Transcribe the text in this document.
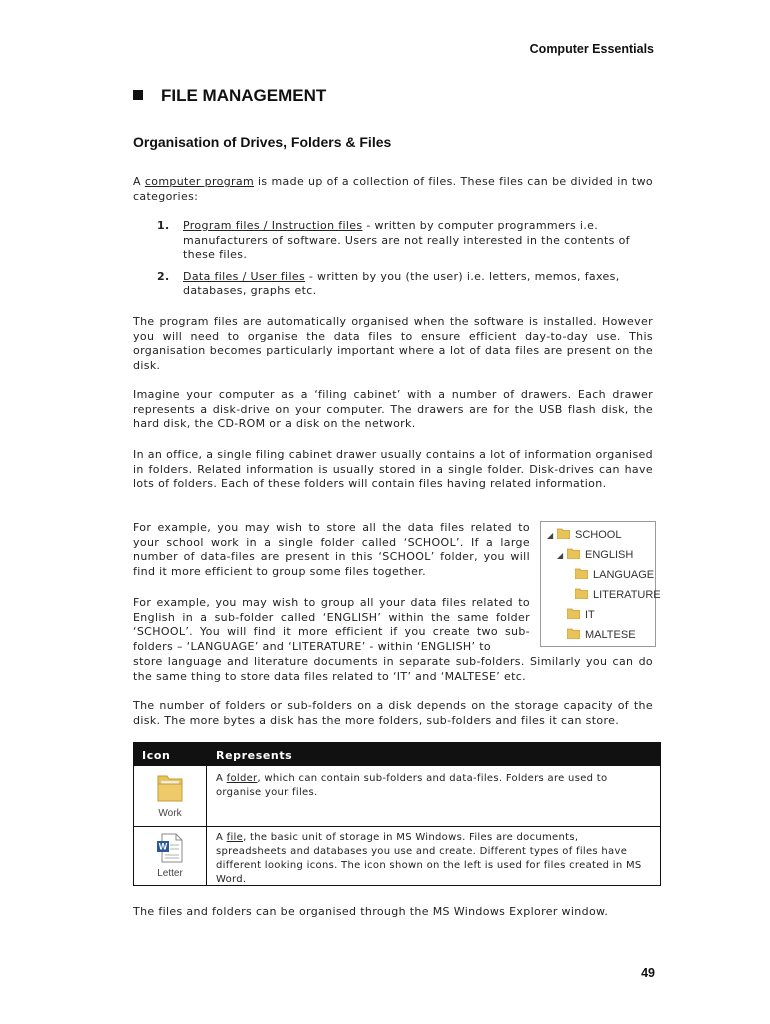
Computer Essentials
FILE MANAGEMENT
Organisation of Drives, Folders & Files

A computer program is made up of a collection of files. These files can be divided in two categories:

1. Program files / Instruction files - written by computer programmers i.e. manufacturers of software. Users are not really interested in the contents of these files.
2. Data files / User files - written by you (the user) i.e. letters, memos, faxes, databases, graphs etc.

The program files are automatically organised when the software is installed. However you will need to organise the data files to ensure efficient day-to-day use. This organisation becomes particularly important where a lot of data files are present on the disk.

Imagine your computer as a ‘filing cabinet’ with a number of drawers. Each drawer represents a disk-drive on your computer. The drawers are for the USB flash disk, the hard disk, the CD-ROM or a disk on the network.

In an office, a single filing cabinet drawer usually contains a lot of information organised in folders. Related information is usually stored in a single folder. Disk-drives can have lots of folders. Each of these folders will contain files having related information.

For example, you may wish to store all the data files related to your school work in a single folder called ‘SCHOOL’. If a large number of data-files are present in this ‘SCHOOL’ folder, you will find it more efficient to group some files together.

For example, you may wish to group all your data files related to English in a sub-folder called ‘ENGLISH’ within the same folder ‘SCHOOL’. You will find it more efficient if you create two sub-folders – ‘LANGUAGE’ and ‘LITERATURE’ - within ‘ENGLISH’ to

store language and literature documents in separate sub-folders. Similarly you can do the same thing to store data files related to ‘IT’ and ‘MALTESE’ etc.

The number of folders or sub-folders on a disk depends on the storage capacity of the disk. The more bytes a disk has the more folders, sub-folders and files it can store.

◢ SCHOOL
◢ ENGLISH
LANGUAGE
LITERATURE
IT
MALTESE
Icon	Represents
Work
A folder, which can contain sub-folders and data-files. Folders are used to organise your files.
W
Letter
A file, the basic unit of storage in MS Windows. Files are documents, spreadsheets and databases you use and create. Different types of files have different looking icons. The icon shown on the left is used for files created in MS Word.

The files and folders can be organised through the MS Windows Explorer window.

49
